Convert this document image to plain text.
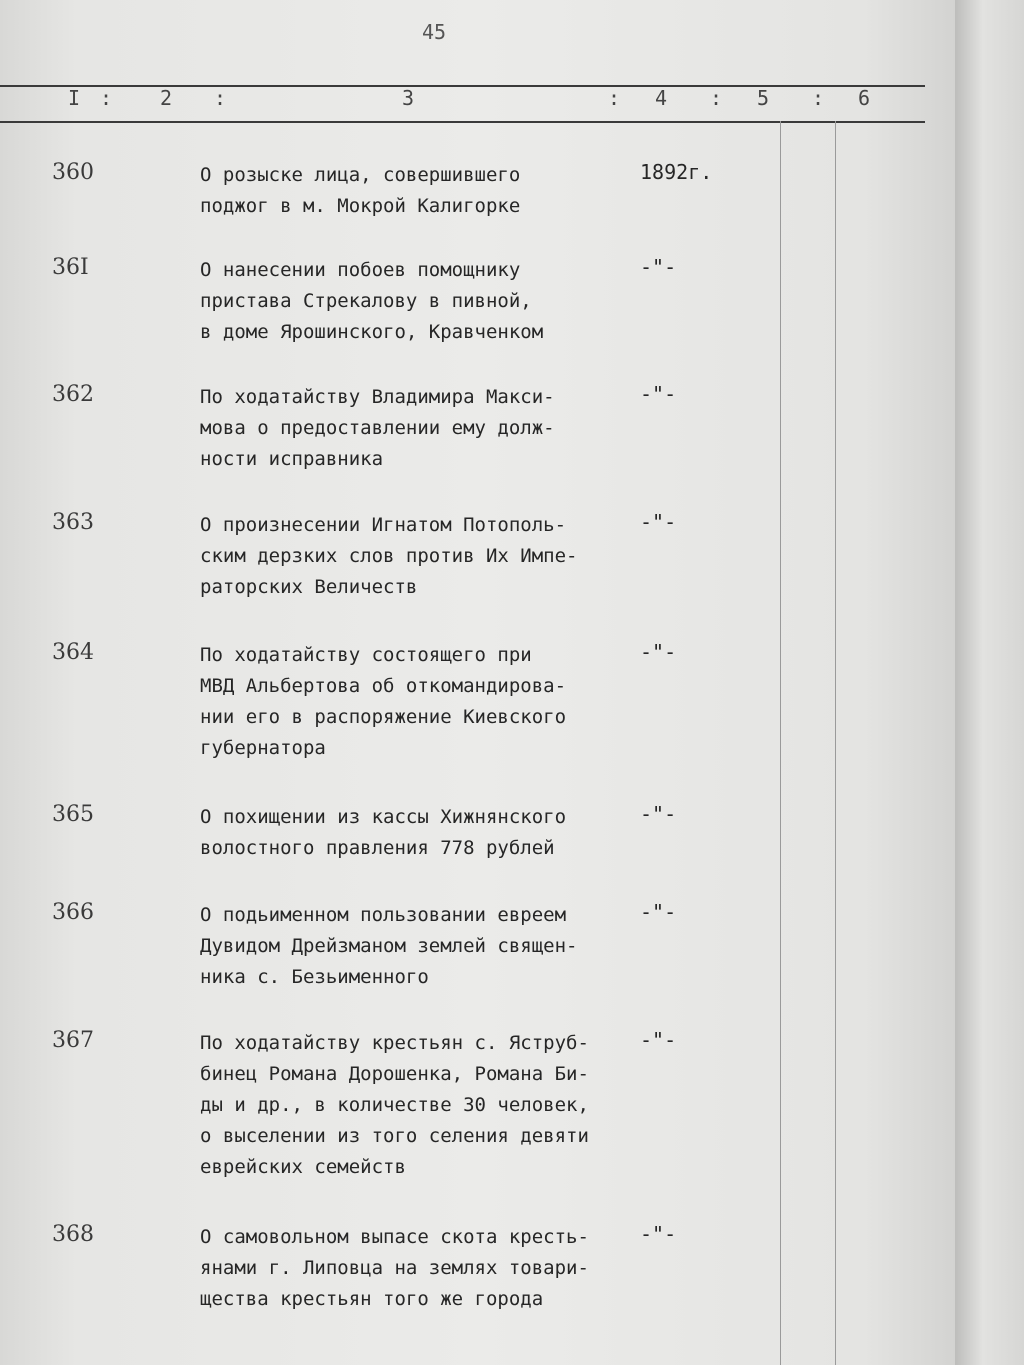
45
I : 2 :	3	: 4 : 5 : 6
360	О розыске лица, совершившего
поджог в м. Мокрой Калигорке
1892г.
36I	О нанесении побоев помощнику
пристава Стрекалову в пивной,
в доме Ярошинского, Кравченком
-"-
362	По ходатайству Владимира Макси-
мова о предоставлении ему долж-
ности исправника
-"-
363	О произнесении Игнатом Потополь-
ским дерзких слов против Их Импе-
раторских Величеств
-"-
364	По ходатайству состоящего при
МВД Альбертова об откомандирова-
нии его в распоряжение Киевского
губернатора
-"-
365	О похищении из кассы Хижнянского
волостного правления 778 рублей
-"-
366	О подьименном пользовании евреем
Дувидом Дрейзманом землей священ-
ника с. Безьименного
-"-
367	По ходатайству крестьян с. Яструб-
бинец Романа Дорошенка, Романа Би-
ды и др., в количестве 30 человек,
о выселении из того селения девяти
еврейских семейств
-"-
368	О самовольном выпасе скота кресть-
янами г. Липовца на землях товари-
щества крестьян того же города
-"-
